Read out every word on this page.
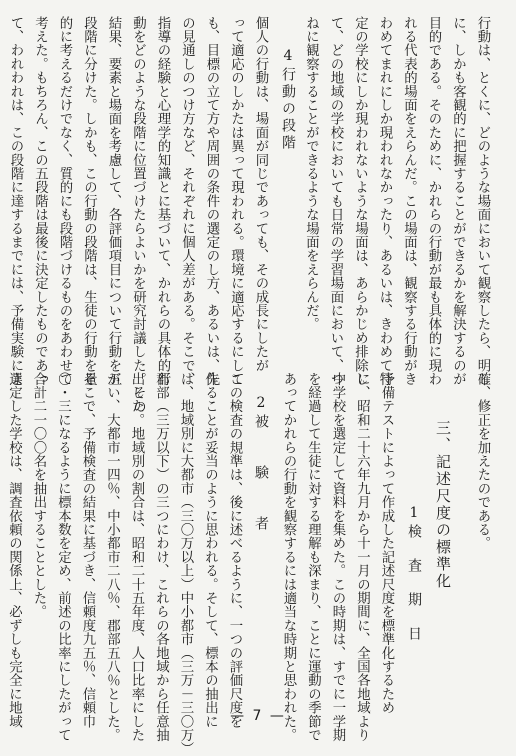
行動は、とくに、どのような場面において観察したら、明確
に、しかも客観的に把握することができるかを解決するのが
目的である。そのために、かれらの行動が最も具体的に現わ
れる代表的場面をえらんだ。この場面は、観察する行動がき
わめてまれにしか現われなかったり、あるいは、きわめて特
定の学校にしか現われないような場面は、あらかじめ排除し
て、どの地域の学校においても日常の学習場面において、つ
ねに観察することができるような場面をえらんだ。
4行動の段階
個人の行動は、場面が同じであっても、その成長にしたが
って適応のしかたは異って現われる。環境に適応するにして
も、目標の立て方や周囲の条件の選定のし方、あるいは、先
の見通しのつけ方など、それぞれに個人差がある。そこで、
指導の経験と心理学的知識とに基づいて、かれらの具体的行
動をどのような段階に位置づけたらよいかを研究討議した。その
結果、要素と場面を考慮して、各評価項目について行動を五
段階に分けた。しかも、この行動の段階は、生徒の行動を量
的に考えるだけでなく、質的にも段階づけるものをあわせて
考えた。もちろん、この五段階は最後に決定したものであっ
て、われわれは、この段階に達するまでには、予備実験によ
し、修正を加えたのである。
三、記述尺度の標準化
1検　査　期　日
予備テストによって作成した記述尺度を標準化するため
に、昭和二十六年九月から十一月の期間に、全国各地域より
中学校を選定して資料を集めた。この時期は、すでに一学期
を経過して生徒に対する理解も深まり、ことに運動の季節で
あってかれらの行動を観察するには適当な時期と思われた。
2被　　験　　者
この検査の規準は、後に述べるように、一つの評価尺度を
作ることが妥当のように思われる。そして、標本の抽出に
は、地域別に大都市（三〇万以上）中小都市（三万－三〇万）
郡部（三万以下）の三つにわけ、これらの各地域から任意抽
出した。地域別の割合は、昭和二十五年度、人口比率にした
がい、大都市一四％、中小都市二八％、郡部五八％とした。
そこで、予備検査の結果に基づき、信頼度九五％、信頼巾
〇・三になるように標本数を定め、前述の比率にしたがって
合計二一〇〇名を抽出することとした。
選定した学校は、調査依頼の関係上、必ずしも完全に地域	— 7 —
